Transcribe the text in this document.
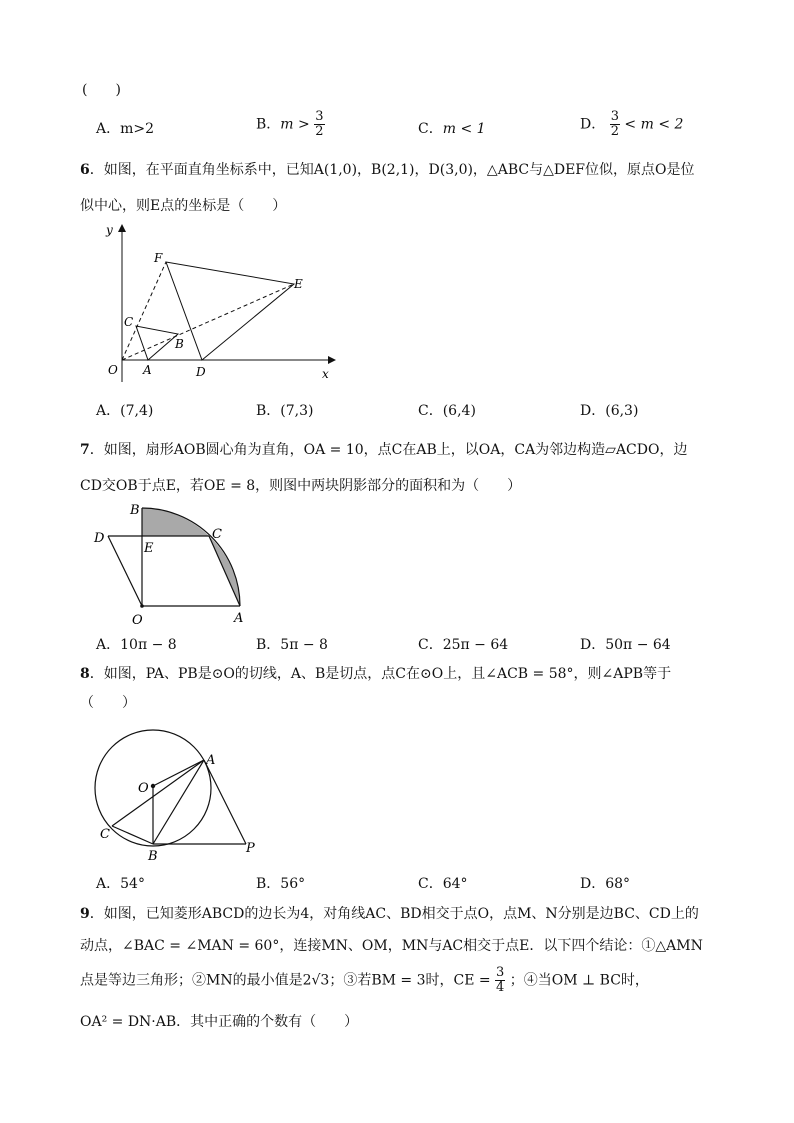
(　　)
A．m>2	B．$m > \frac{3}{2}$	C．m < 1	D． $\frac{3}{2} < m < 2$
6．如图，在平面直角坐标系中，已知A(1,0)，B(2,1)，D(3,0)，△ABC与△DEF位似，原点O是位
似中心，则E点的坐标是（　　）
y
x
O A
B
C
D
E
F
A．(7,4)	B．(7,3)	C．(6,4)	D．(6,3)
7．如图，扇形AOB圆心角为直角，OA = 10，点C在AB上，以OA，CA为邻边构造▱ACDO，边
CD交OB于点E，若OE = 8，则图中两块阴影部分的面积和为（　　）
B
C
D
E
O	A
A．10π − 8	B．5π − 8	C．25π − 64	D．50π − 64
8．如图，PA、PB是⊙O的切线，A、B是切点，点C在⊙O上，且∠ACB = 58°，则∠APB等于
（　　）
O
A
B
C
P
A．54°	B．56°	C．64°	D．68°
9．如图，已知菱形ABCD的边长为4，对角线AC、BD相交于点O，点M、N分别是边BC、CD上的
动点，∠BAC = ∠MAN = 60°，连接MN、OM，MN与AC相交于点E．以下四个结论：①△AMN
点是等边三角形；②MN的最小值是2√3；③若BM = 3时，CE = $\frac{3}{4}$ ；④当OM ⊥ BC时，
OA² = DN·AB．其中正确的个数有（　　）
